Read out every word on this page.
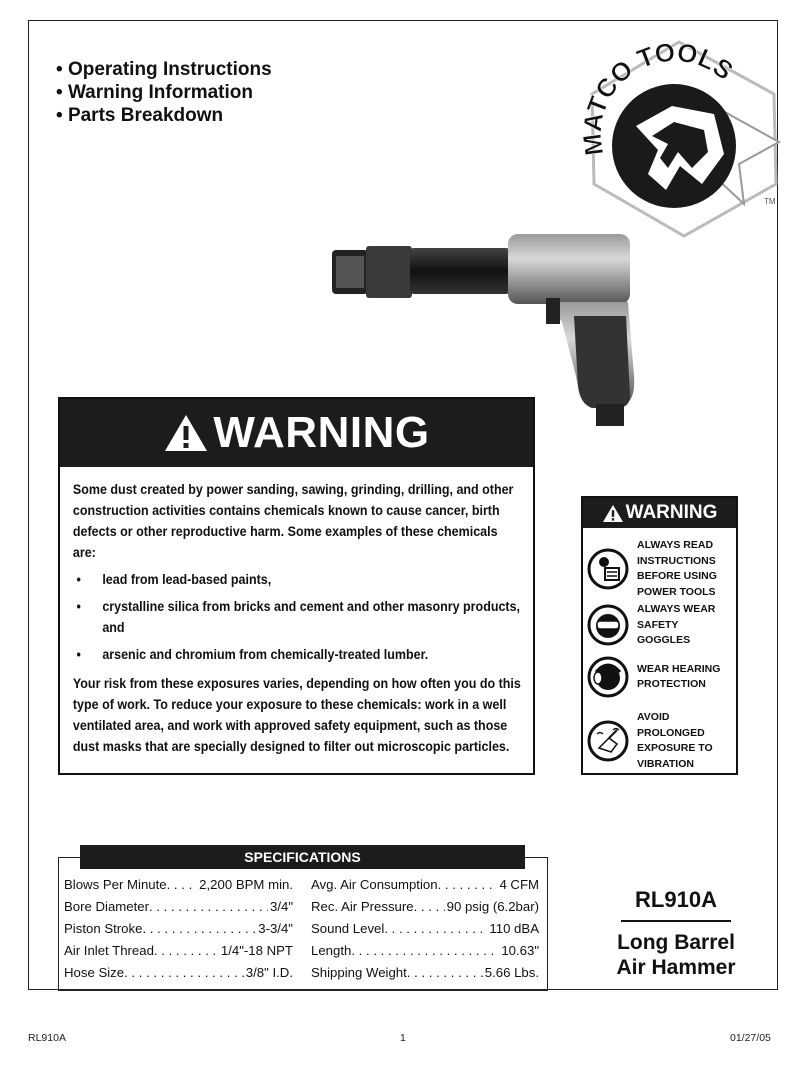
• Operating Instructions
• Warning Information
• Parts Breakdown
MATCO TOOLS
TM
WARNING
Some dust created by power sanding, sawing, grinding, drilling, and other construction activities contains chemicals known to cause cancer, birth defects or other reproductive harm. Some examples of these chemicals are:
• lead from lead-based paints,
• crystalline silica from bricks and cement and other masonry products, and
• arsenic and chromium from chemically-treated lumber.
Your risk from these exposures varies, depending on how often you do this type of work. To reduce your exposure to these chemicals: work in a well ventilated area, and work with approved safety equipment, such as those dust masks that are specially designed to filter out microscopic particles.
WARNING
ALWAYS READ INSTRUCTIONS BEFORE USING POWER TOOLS
ALWAYS WEAR SAFETY GOGGLES
WEAR HEARING PROTECTION
AVOID PROLONGED EXPOSURE TO VIBRATION
SPECIFICATIONS
Blows Per Minute . . . 2,200 BPM min.
Bore Diameter . . .	3/4"
Piston Stroke . . .	3-3/4"
Air Inlet Thread . . .	1/4"-18 NPT
Hose Size . . .	3/8" I.D.
Avg. Air Consumption . . .	4 CFM
Rec. Air Pressure . . .	90 psig (6.2bar)
Sound Level . . .	110 dBA
Length . . .	10.63"
Shipping Weight . . .	5.66 Lbs.
RL910A
Long Barrel
Air Hammer
RL910A	1	01/27/05
